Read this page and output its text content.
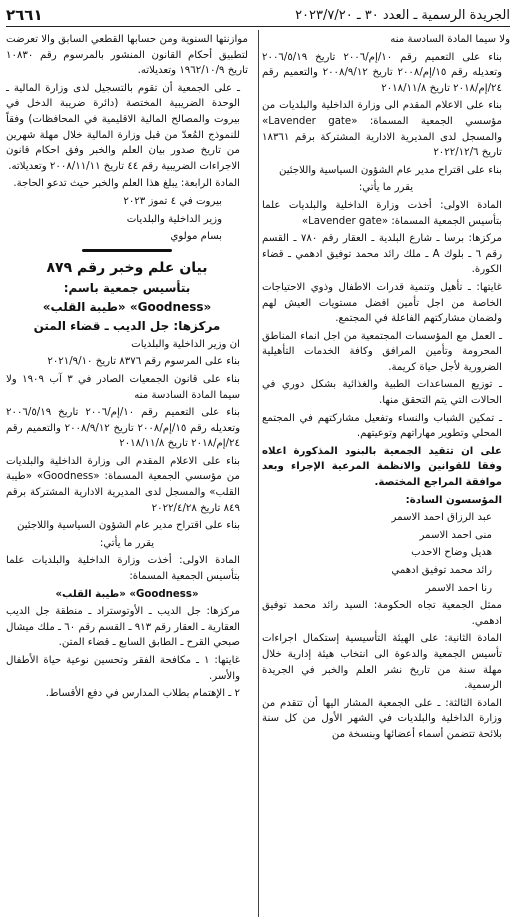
الجريدة الرسمية ـ العدد ٣٠ ـ ٢٠٢٣/٧/٢٠
٢٦٦١

ولا سيما المادة السادسة منه

بناء على التعميم رقم ١٠/إم/٢٠٠٦ تاريخ ٢٠٠٦/٥/١٩ وتعديله رقم ١٥/إم/٢٠٠٨ تاريخ ٢٠٠٨/٩/١٢ والتعميم رقم ٢٤/إم/٢٠١٨ تاريخ ٢٠١٨/١١/٨

بناء على الاعلام المقدم الى وزارة الداخلية والبلديات من مؤسسي الجمعية المسماة: «Lavender gate» والمسجل لدى المديرية الادارية المشتركة برقم ١٨٣٦١ تاريخ ٢٠٢٢/١٢/٦

بناء على اقتراح مدير عام الشؤون السياسية واللاجئين

يقرر ما يأتي:

المادة الاولى: أخذت وزارة الداخلية والبلديات علما بتأسيس الجمعية المسماة: «Lavender gate»

مركزها: برسا ـ شارع البلدية ـ العقار رقم ٧٨٠ ـ القسم رقم ٦ ـ بلوك A ـ ملك رائد محمد توفيق ادهمي ـ قضاء الكورة.

غايتها: ـ تأهيل وتنمية قدرات الاطفال وذوي الاحتياجات الخاصة من اجل تأمين افضل مستويات العيش لهم ولضمان مشاركتهم الفاعلة في المجتمع.

ـ العمل مع المؤسسات المجتمعية من اجل انماء المناطق المحرومة وتأمين المرافق وكافة الخدمات التأهيلية الضرورية لأجل حياة كريمة.

ـ توزيع المساعدات الطبية والغذائية بشكل دوري في الحالات التي يتم التحقق منها.

ـ تمكين الشباب والنساء وتفعيل مشاركتهم في المجتمع المحلي وتطوير مهاراتهم وتوعيتهم.

على ان تتقيد الجمعية بالبنود المذكورة اعلاه وفقا للقوانين والانظمة المرعية الإجراء وبعد موافقة المراجع المختصة.

المؤسسون السادة:

عبد الرزاق احمد الاسمر

منى احمد الاسمر

هديل وضاح الاحدب

رائد محمد توفيق ادهمي

رنا احمد الاسمر

ممثل الجمعية تجاه الحكومة: السيد رائد محمد توفيق ادهمي.

المادة الثانية: على الهيئة التأسيسية إستكمال اجراءات تأسيس الجمعية والدعوة الى انتخاب هيئة إدارية خلال مهلة سنة من تاريخ نشر العلم والخبر في الجريدة الرسمية.

المادة الثالثة: ـ على الجمعية المشار اليها أن تتقدم من وزارة الداخلية والبلديات في الشهر الأول من كل سنة بلائحة تتضمن أسماء أعضائها وبنسخة من

موازنتها السنوية ومن حسابها القطعي السابق والا تعرضت لتطبيق أحكام القانون المنشور بالمرسوم رقم ١٠٨٣٠ تاريخ ١٩٦٢/١٠/٩ وتعديلاته.

ـ على الجمعية أن تقوم بالتسجيل لدى وزارة المالية ـ الوحدة الضريبية المختصة (دائرة ضريبة الدخل في بيروت والمصالح المالية الاقليمية في المحافظات) وفقاً للنموذج المُعدّ من قبل وزارة المالية خلال مهلة شهرين من تاريخ صدور بيان العلم والخبر وفق احكام قانون الاجراءات الضريبية رقم ٤٤ تاريخ ٢٠٠٨/١١/١١ وتعديلاته.

المادة الرابعة: يبلغ هذا العلم والخبر حيث تدعو الحاجة.

بيروت في ٤ تموز ٢٠٢٣

وزير الداخلية والبلديات

بسام مولوي

بيان علم وخبر رقم ٨٧٩

بتأسيس جمعية باسم:

«Goodness» «طيبة القلب»

مركزها: جل الديب ـ قضاء المتن

ان وزير الداخلية والبلديات

بناء على المرسوم رقم ٨٣٧٦ تاريخ ٢٠٢١/٩/١٠

بناء على قانون الجمعيات الصادر في ٣ آب ١٩٠٩ ولا سيما المادة السادسة منه

بناء على التعميم رقم ١٠/إم/٢٠٠٦ تاريخ ٢٠٠٦/٥/١٩ وتعديله رقم ١٥/إم/٢٠٠٨ تاريخ ٢٠٠٨/٩/١٢ والتعميم رقم ٢٤/إم/٢٠١٨ تاريخ ٢٠١٨/١١/٨

بناء على الاعلام المقدم الى وزارة الداخلية والبلديات من مؤسسي الجمعية المسماة: «Goodness» «طيبة القلب» والمسجل لدى المديرية الادارية المشتركة برقم ٨٤٩ تاريخ ٢٠٢٢/٤/٢٨

بناء على اقتراح مدير عام الشؤون السياسية واللاجئين

يقرر ما يأتي:

المادة الاولى: أخذت وزارة الداخلية والبلديات علما بتأسيس الجمعية المسماة:

«Goodness» «طيبة القلب»

مركزها: جل الديب ـ الأوتوستراد ـ منطقة جل الديب العقارية ـ العقار رقم ٩١٣ ـ القسم رقم ٦٠ ـ ملك ميشال صبحي القرح ـ الطابق السابع ـ قضاء المتن.

غايتها: ١ ـ مكافحة الفقر وتحسين نوعية حياة الأطفال والأسر.

٢ ـ الإهتمام بطلاب المدارس في دفع الأقساط.
